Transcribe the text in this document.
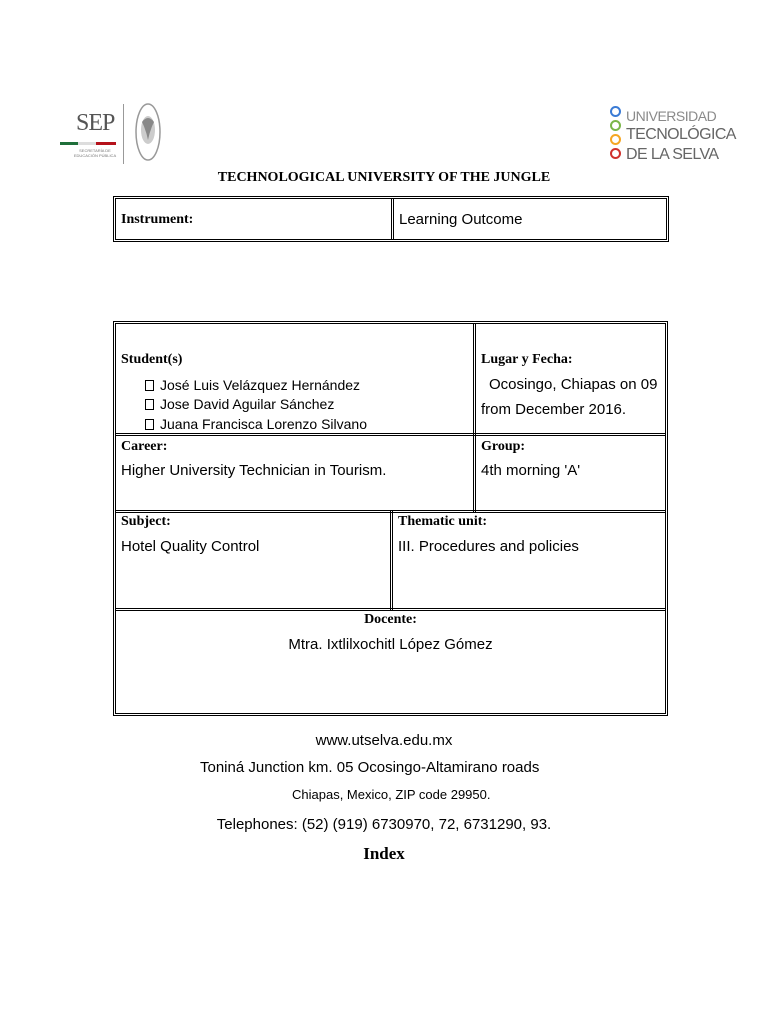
SEP
SECRETARÍA DE EDUCACIÓN PÚBLICA
UNIVERSIDAD
TECNOLÓGICA
DE LA SELVA
TECHNOLOGICAL UNIVERSITY OF THE JUNGLE
Instrument:	Learning Outcome
Student(s)
José Luis Velázquez Hernández
Jose David Aguilar Sánchez
Juana Francisca Lorenzo Silvano
Lugar y Fecha:
Ocosingo, Chiapas on 09
from December 2016.
Career:
Higher University Technician in Tourism.
Group:
4th morning 'A'
Subject:
Hotel Quality Control
Thematic unit:
III. Procedures and policies
Docente:
Mtra. Ixtlilxochitl López Gómez
www.utselva.edu.mx
Toniná Junction km. 05 Ocosingo-Altamirano roads
Chiapas, Mexico, ZIP code 29950.
Telephones: (52) (919) 6730970, 72, 6731290, 93.
Index
